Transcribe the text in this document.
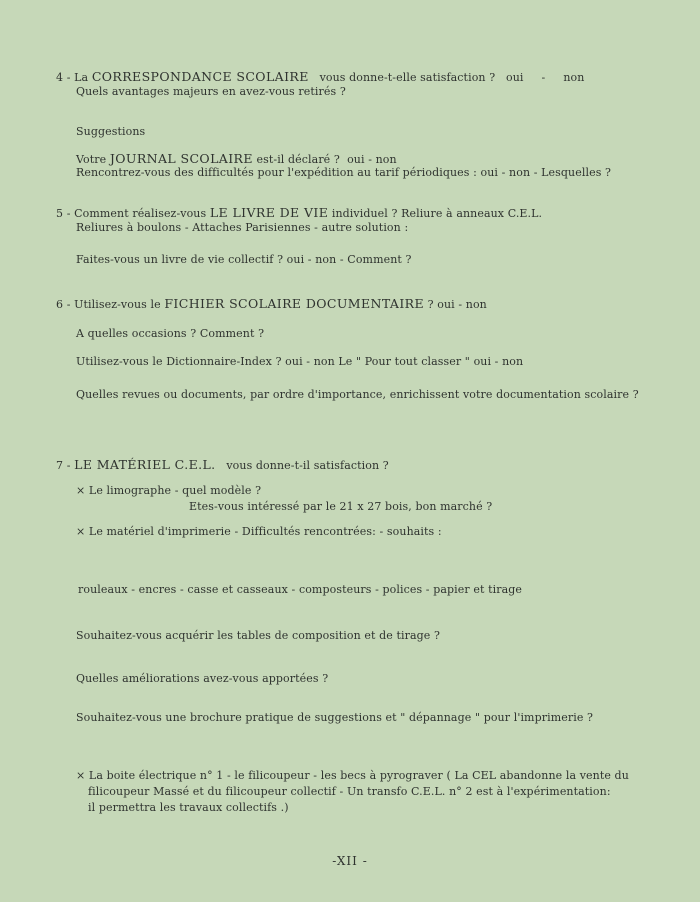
4 - La CORRESPONDANCE SCOLAIRE vous donne-t-elle satisfaction ? oui - non
Quels avantages majeurs en avez-vous retirés ?
Suggestions
Votre JOURNAL SCOLAIRE est-il déclaré ? oui - non
Rencontrez-vous des difficultés pour l'expédition au tarif périodiques : oui - non - Lesquelles ?
5 - Comment réalisez-vous LE LIVRE DE VIE individuel ? Reliure à anneaux C.E.L.
Reliures à boulons - Attaches Parisiennes - autre solution :
Faites-vous un livre de vie collectif ? oui - non - Comment ?
6 - Utilisez-vous le FICHIER SCOLAIRE DOCUMENTAIRE ? oui - non
A quelles occasions ? Comment ?
Utilisez-vous le Dictionnaire-Index ? oui - non Le " Pour tout classer " oui - non
Quelles revues ou documents, par ordre d'importance, enrichissent votre documentation scolaire ?
7 - LE MATÉRIEL C.E.L. vous donne-t-il satisfaction ?
× Le limographe - quel modèle ?
Etes-vous intéressé par le 21 x 27 bois, bon marché ?
× Le matériel d'imprimerie - Difficultés rencontrées: - souhaits :
rouleaux - encres - casse et casseaux - composteurs - polices - papier et tirage
Souhaitez-vous acquérir les tables de composition et de tirage ?
Quelles améliorations avez-vous apportées ?
Souhaitez-vous une brochure pratique de suggestions et " dépannage " pour l'imprimerie ?
× La boite électrique n° 1 - le filicoupeur - les becs à pyrograver ( La CEL abandonne la vente du
filicoupeur Massé et du filicoupeur collectif - Un transfo C.E.L. n° 2 est à l'expérimentation:
il permettra les travaux collectifs .)
-XII -
